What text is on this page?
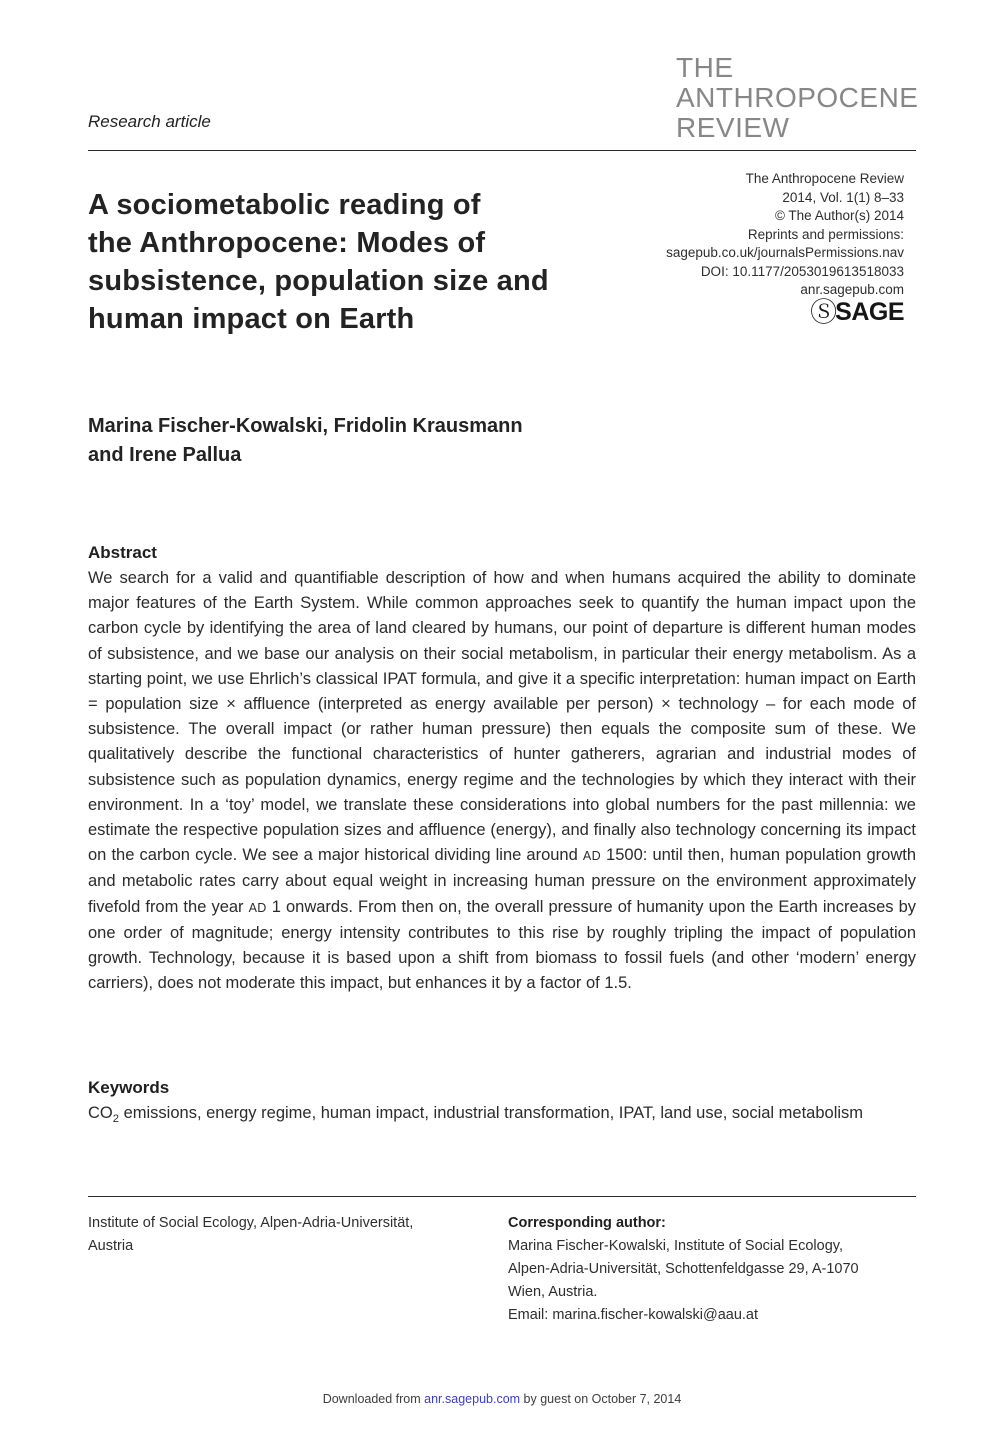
THE
ANTHROPOCENE
REVIEW
Research article
The Anthropocene Review
2014, Vol. 1(1) 8–33
© The Author(s) 2014
Reprints and permissions:
sagepub.co.uk/journalsPermissions.nav
DOI: 10.1177/2053019613518033
anr.sagepub.com
ⓈSAGE
A sociometabolic reading of
the Anthropocene: Modes of
subsistence, population size and
human impact on Earth
Marina Fischer-Kowalski, Fridolin Krausmann
and Irene Pallua
Abstract

We search for a valid and quantifiable description of how and when humans acquired the ability to dominate major features of the Earth System. While common approaches seek to quantify the human impact upon the carbon cycle by identifying the area of land cleared by humans, our point of departure is different human modes of subsistence, and we base our analysis on their social metabolism, in particular their energy metabolism. As a starting point, we use Ehrlich’s classical IPAT formula, and give it a specific interpretation: human impact on Earth = population size × affluence (interpreted as energy available per person) × technology – for each mode of subsistence. The overall impact (or rather human pressure) then equals the composite sum of these. We qualitatively describe the functional characteristics of hunter gatherers, agrarian and industrial modes of subsistence such as population dynamics, energy regime and the technologies by which they interact with their environment. In a ‘toy’ model, we translate these considerations into global numbers for the past millennia: we estimate the respective population sizes and affluence (energy), and finally also technology concerning its impact on the carbon cycle. We see a major historical dividing line around AD 1500: until then, human population growth and metabolic rates carry about equal weight in increasing human pressure on the environment approximately fivefold from the year AD 1 onwards. From then on, the overall pressure of humanity upon the Earth increases by one order of magnitude; energy intensity contributes to this rise by roughly tripling the impact of population growth. Technology, because it is based upon a shift from biomass to fossil fuels (and other ‘modern’ energy carriers), does not moderate this impact, but enhances it by a factor of 1.5.

Keywords

$CO_2$ emissions, energy regime, human impact, industrial transformation, IPAT, land use, social metabolism

Institute of Social Ecology, Alpen-Adria-Universität,
Austria
Corresponding author:
Marina Fischer-Kowalski, Institute of Social Ecology,
Alpen-Adria-Universität, Schottenfeldgasse 29, A-1070
Wien, Austria.
Email: marina.fischer-kowalski@aau.at
Downloaded from anr.sagepub.com by guest on October 7, 2014
